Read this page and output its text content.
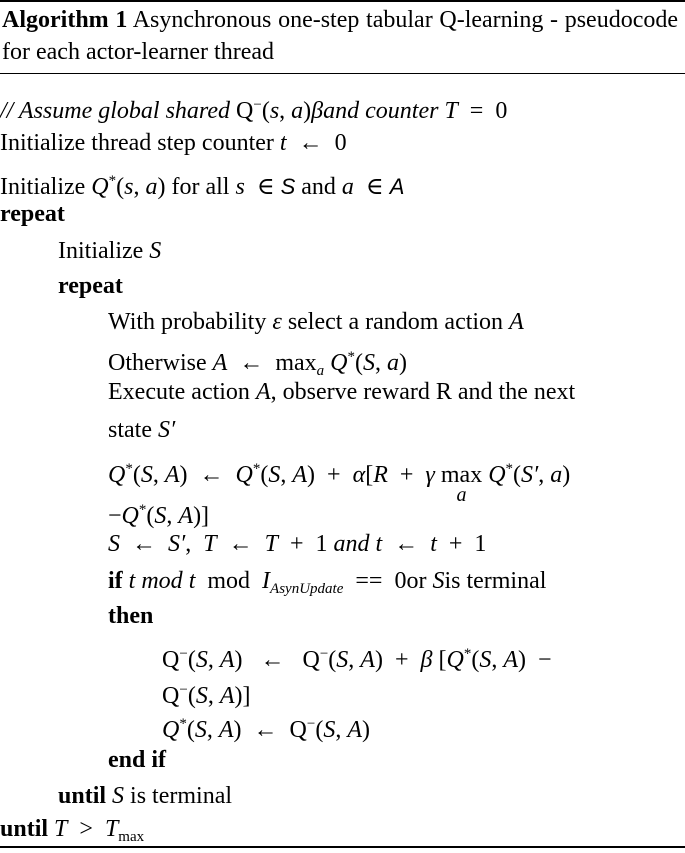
Algorithm 1 Asynchronous one-step tabular Q-learning - pseudocode for each actor-learner thread
// Assume global shared Q−(s, a)βand counter T = 0
Initialize thread step counter t ← 0
Initialize Q*(s, a) for all s ∈ S and a ∈ A
repeat
Initialize S
repeat
With probability ε select a random action A
Otherwise A ← $\max_a Q^*(S$, a)
Execute action A, observe reward R and the next
state S′
Q*(S, A) ← Q*(S, A) + α[R + γ max
a
Q*(S′, a)
−Q*(S, A)]
S ← S′,  T ← T + 1 and t ← t + 1
if t mod t mod $I_{AsynUpdate} == 0or$ Sis terminal
then
Q−(S, A)  ←  Q−(S, A) + β [Q*(S, A) −
Q−(S, A)]
Q*(S, A) ← Q−(S, A)
end if
until S is terminal
until $T > T_{max}$
